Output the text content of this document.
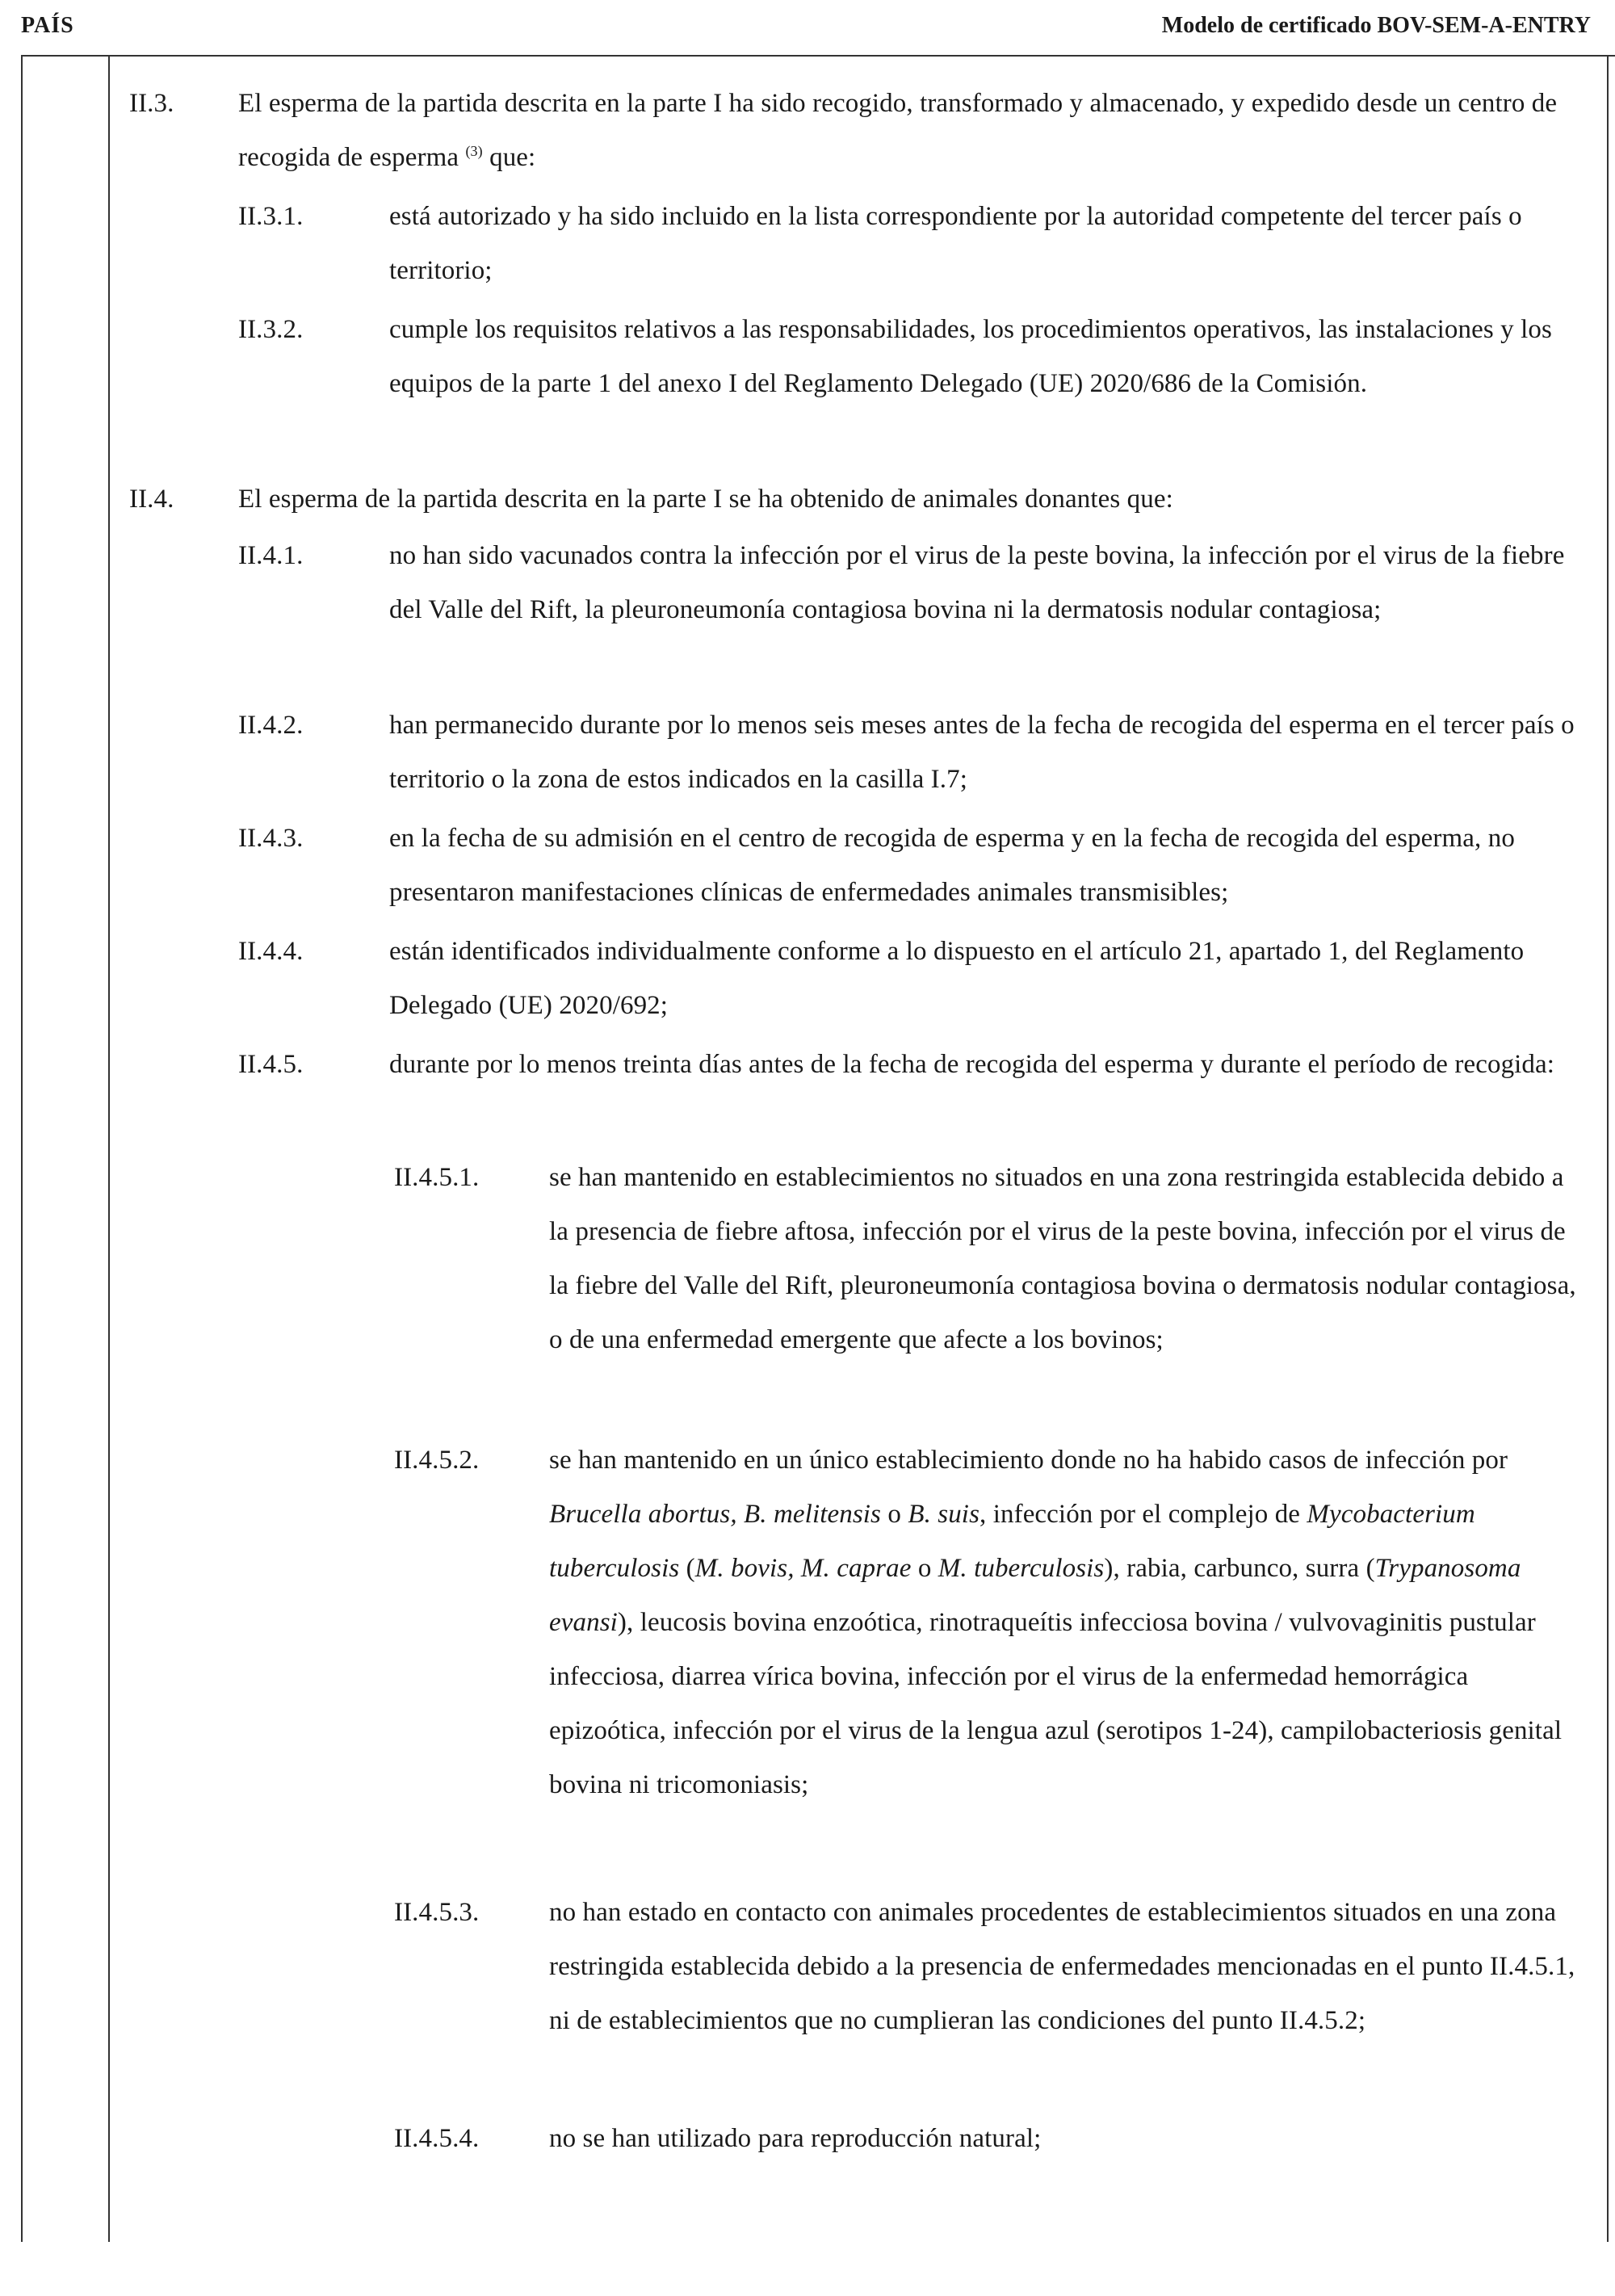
PAÍS	Modelo de certificado BOV-SEM-A-ENTRY
II.3. El esperma de la partida descrita en la parte I ha sido recogido, transformado y almacenado, y expedido desde un centro de recogida de esperma $^{(3)}$ que:
II.3.1.	está autorizado y ha sido incluido en la lista correspondiente por la autoridad competente del tercer país o territorio;
II.3.2.	cumple los requisitos relativos a las responsabilidades, los procedimientos operativos, las instalaciones y los equipos de la parte 1 del anexo I del Reglamento Delegado (UE) 2020/686 de la Comisión.
II.4. El esperma de la partida descrita en la parte I se ha obtenido de animales donantes que:
II.4.1.	no han sido vacunados contra la infección por el virus de la peste bovina, la infección por el virus de la fiebre del Valle del Rift, la pleuroneumonía contagiosa bovina ni la dermatosis nodular contagiosa;
II.4.2.	han permanecido durante por lo menos seis meses antes de la fecha de recogida del esperma en el tercer país o territorio o la zona de estos indicados en la casilla I.7;
II.4.3.	en la fecha de su admisión en el centro de recogida de esperma y en la fecha de recogida del esperma, no presentaron manifestaciones clínicas de enfermedades animales transmisibles;
II.4.4.	están identificados individualmente conforme a lo dispuesto en el artículo 21, apartado 1, del Reglamento Delegado (UE) 2020/692;
II.4.5.	durante por lo menos treinta días antes de la fecha de recogida del esperma y durante el período de recogida:
II.4.5.1.	se han mantenido en establecimientos no situados en una zona restringida establecida debido a la presencia de fiebre aftosa, infección por el virus de la peste bovina, infección por el virus de la fiebre del Valle del Rift, pleuroneumonía contagiosa bovina o dermatosis nodular contagiosa, o de una enfermedad emergente que afecte a los bovinos;
II.4.5.2.	se han mantenido en un único establecimiento donde no ha habido casos de infección por Brucella abortus, B. melitensis o B. suis, infección por el complejo de Mycobacterium tuberculosis (M. bovis, M. caprae o M. tuberculosis), rabia, carbunco, surra (Trypanosoma evansi), leucosis bovina enzoótica, rinotraqueítis infecciosa bovina / vulvovaginitis pustular infecciosa, diarrea vírica bovina, infección por el virus de la enfermedad hemorrágica epizoótica, infección por el virus de la lengua azul (serotipos 1-24), campilobacteriosis genital bovina ni tricomoniasis;
II.4.5.3.	no han estado en contacto con animales procedentes de establecimientos situados en una zona restringida establecida debido a la presencia de enfermedades mencionadas en el punto II.4.5.1, ni de establecimientos que no cumplieran las condiciones del punto II.4.5.2;
II.4.5.4.	no se han utilizado para reproducción natural;
